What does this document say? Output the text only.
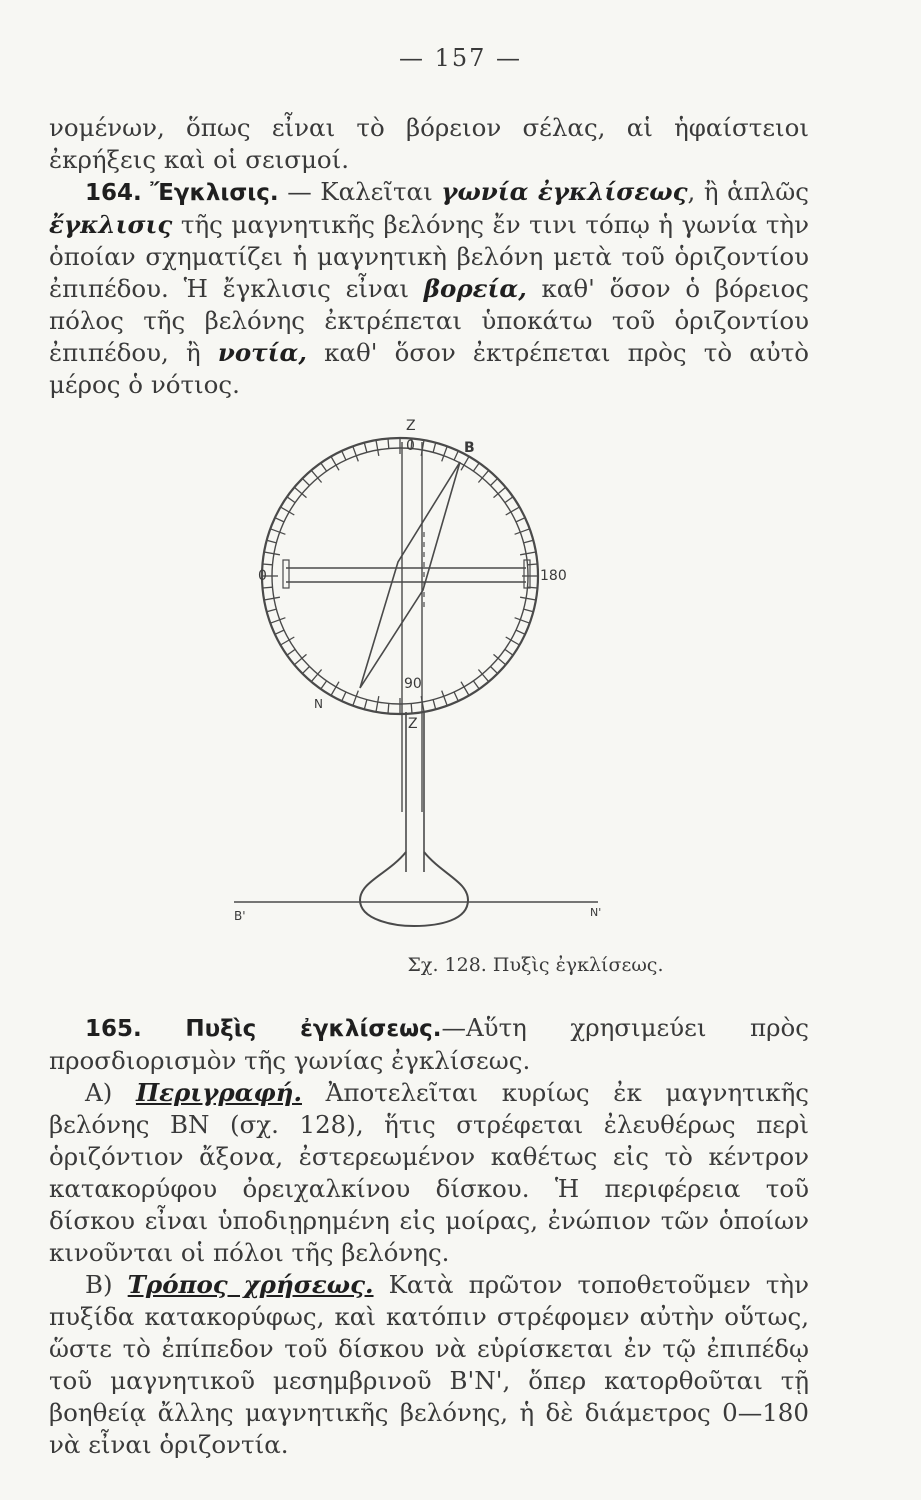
— 157 —

νομένων, ὅπως εἶναι τὸ βόρειον σέλας, αἱ ἡφαίστειοι ἐκρήξεις καὶ οἱ σεισμοί.

164. Ἔγκλισις. — Καλεῖται γωνία ἐγκλίσεως, ἢ ἁπλῶς ἔγκλισις τῆς μαγνητικῆς βελόνης ἔν τινι τόπῳ ἡ γωνία τὴν ὁποίαν σχηματίζει ἡ μαγνητικὴ βελόνη μετὰ τοῦ ὁριζοντίου ἐπιπέδου. Ἡ ἔγκλισις εἶναι βορεία, καθ' ὅσον ὁ βόρειος πόλος τῆς βελόνης ἐκτρέπεται ὑποκάτω τοῦ ὁριζοντίου ἐπιπέδου, ἢ νοτία, καθ' ὅσον ἐκτρέπεται πρὸς τὸ αὐτὸ μέρος ὁ νότιος.

Z
0	B
0	180
90
N
Z
B'	N'
Σχ. 128. Πυξὶς ἐγκλίσεως.

165. Πυξὶς ἐγκλίσεως.—Αὕτη χρησιμεύει πρὸς προσδιορισμὸν τῆς γωνίας ἐγκλίσεως.

Α) Περιγραφή. Ἀποτελεῖται κυρίως ἐκ μαγνητικῆς βελόνης ΒΝ (σχ. 128), ἥτις στρέφεται ἐλευθέρως περὶ ὁριζόντιον ἄξονα, ἐστερεωμένον καθέτως εἰς τὸ κέντρον κατακορύφου ὀρειχαλκίνου δίσκου. Ἡ περιφέρεια τοῦ δίσκου εἶναι ὑποδιῃρημένη εἰς μοίρας, ἐνώπιον τῶν ὁποίων κινοῦνται οἱ πόλοι τῆς βελόνης.

Β) Τρόπος χρήσεως. Κατὰ πρῶτον τοποθετοῦμεν τὴν πυξίδα κατακορύφως, καὶ κατόπιν στρέφομεν αὐτὴν οὕτως, ὥστε τὸ ἐπίπεδον τοῦ δίσκου νὰ εὑρίσκεται ἐν τῷ ἐπιπέδῳ τοῦ μαγνητικοῦ μεσημβρινοῦ Β'Ν', ὅπερ κατορθοῦται τῇ βοηθείᾳ ἄλλης μαγνητικῆς βελόνης, ἡ δὲ διάμετρος 0—180 νὰ εἶναι ὁριζοντία.
